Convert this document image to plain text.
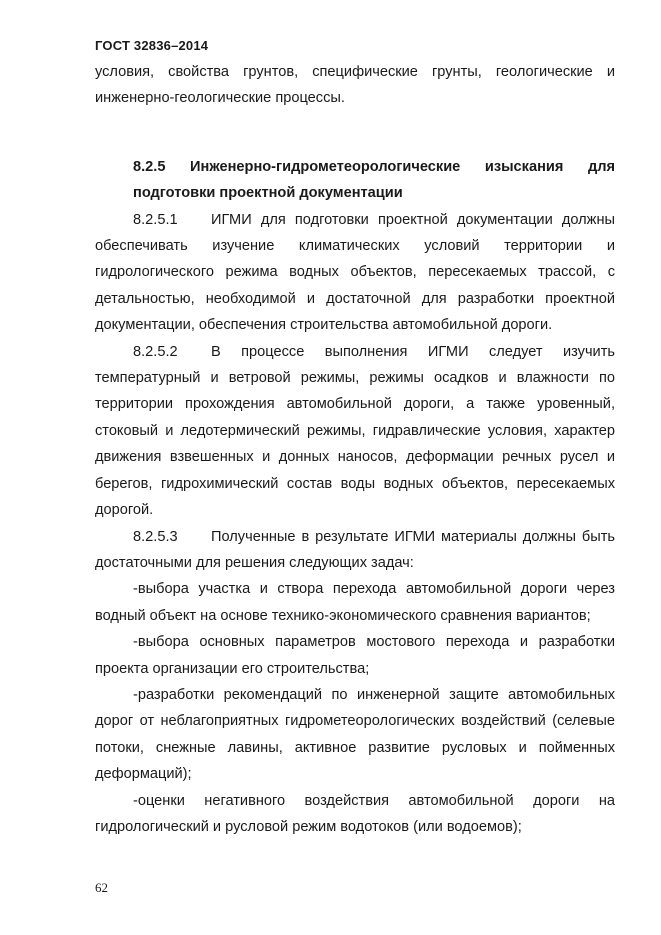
ГОСТ 32836–2014

условия, свойства грунтов, специфические грунты, геологические и инженерно-геологические процессы.

8.2.5 Инженерно-гидрометеорологические изыскания для подготовки проектной документации

8.2.5.1 ИГМИ для подготовки проектной документации должны обеспечивать изучение климатических условий территории и гидрологического режима водных объектов, пересекаемых трассой, с детальностью, необходимой и достаточной для разработки проектной документации, обеспечения строительства автомобильной дороги.

8.2.5.2 В процессе выполнения ИГМИ следует изучить температурный и ветровой режимы, режимы осадков и влажности по территории прохождения автомобильной дороги, а также уровенный, стоковый и ледотермический режимы, гидравлические условия, характер движения взвешенных и донных наносов, деформации речных русел и берегов, гидрохимический состав воды водных объектов, пересекаемых дорогой.

8.2.5.3 Полученные в результате ИГМИ материалы должны быть достаточными для решения следующих задач:

-выбора участка и створа перехода автомобильной дороги через водный объект на основе технико-экономического сравнения вариантов;

-выбора основных параметров мостового перехода и разработки проекта организации его строительства;

-разработки рекомендаций по инженерной защите автомобильных дорог от неблагоприятных гидрометеорологических воздействий (селевые потоки, снежные лавины, активное развитие русловых и пойменных деформаций);

-оценки негативного воздействия автомобильной дороги на гидрологический и русловой режим водотоков (или водоемов);

62
